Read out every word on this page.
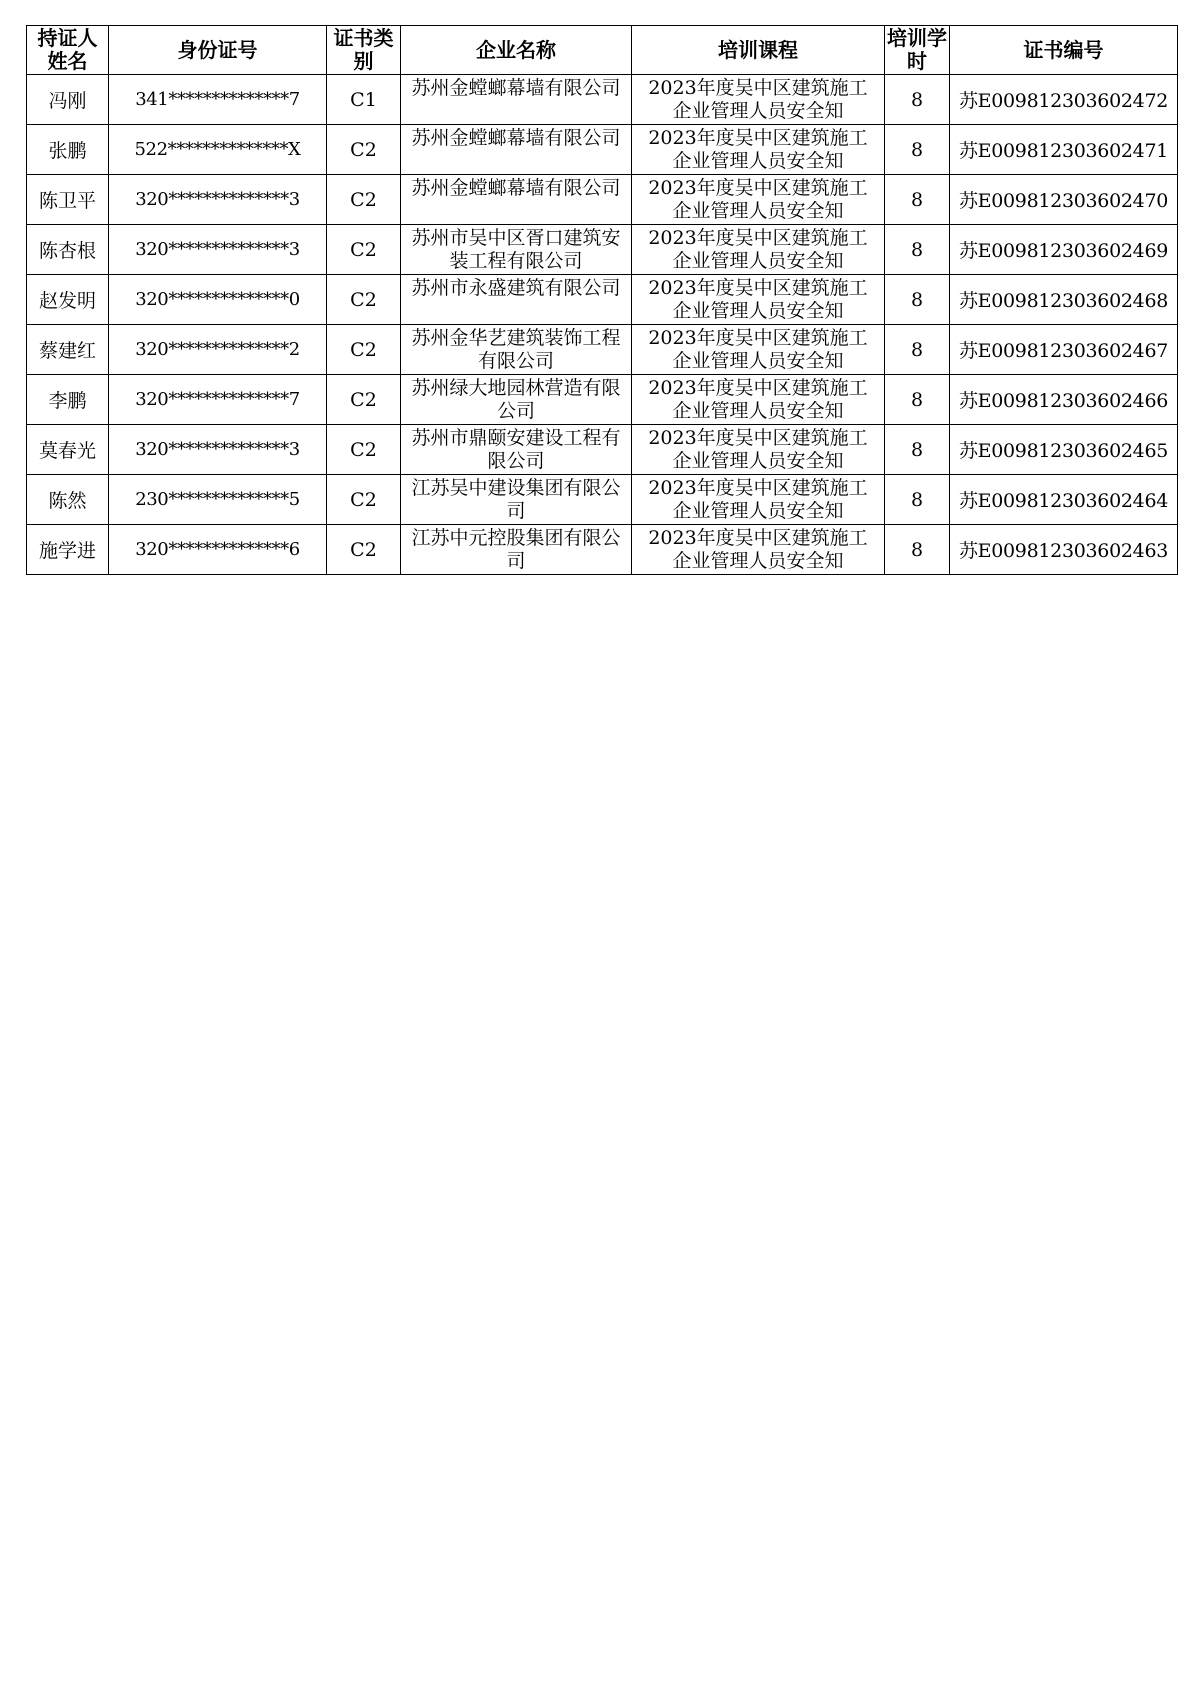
持证人姓名	身份证号	证书类别	企业名称	培训课程	培训学时	证书编号

冯刚	341**************7	C1	苏州金螳螂幕墙有限公司	2023年度吴中区建筑施工企业管理人员安全知	8	苏E009812303602472

张鹏	522**************X	C2	苏州金螳螂幕墙有限公司	2023年度吴中区建筑施工企业管理人员安全知	8	苏E009812303602471

陈卫平	320**************3	C2	苏州金螳螂幕墙有限公司	2023年度吴中区建筑施工企业管理人员安全知	8	苏E009812303602470

陈杏根	320**************3	C2	苏州市吴中区胥口建筑安装工程有限公司	2023年度吴中区建筑施工企业管理人员安全知	8	苏E009812303602469

赵发明	320**************0	C2	苏州市永盛建筑有限公司	2023年度吴中区建筑施工企业管理人员安全知	8	苏E009812303602468

蔡建红	320**************2	C2	苏州金华艺建筑装饰工程有限公司	2023年度吴中区建筑施工企业管理人员安全知	8	苏E009812303602467

李鹏	320**************7	C2	苏州绿大地园林营造有限公司	2023年度吴中区建筑施工企业管理人员安全知	8	苏E009812303602466

莫春光	320**************3	C2	苏州市鼎颐安建设工程有限公司	2023年度吴中区建筑施工企业管理人员安全知	8	苏E009812303602465

陈然	230**************5	C2	江苏吴中建设集团有限公司	2023年度吴中区建筑施工企业管理人员安全知	8	苏E009812303602464

施学进	320**************6	C2	江苏中元控股集团有限公司	2023年度吴中区建筑施工企业管理人员安全知	8	苏E009812303602463
